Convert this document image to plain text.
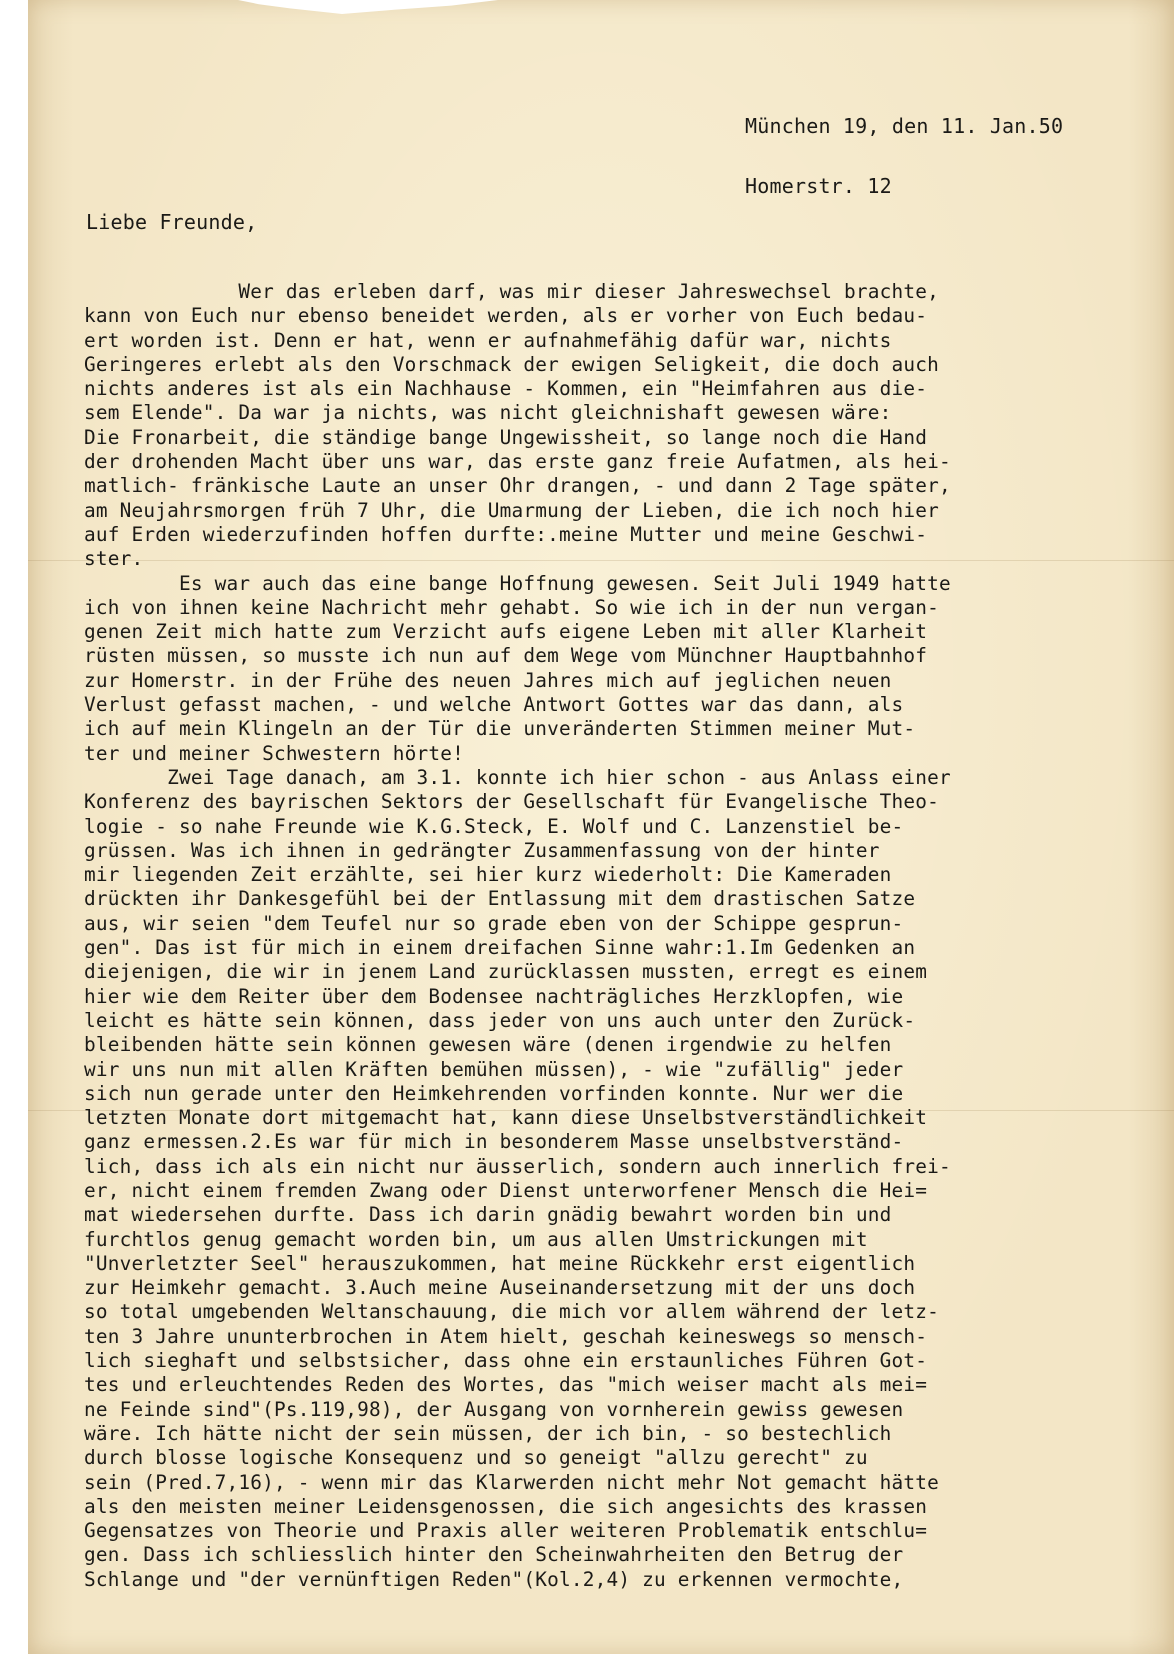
München 19, den 11. Jan.50

Homerstr. 12

Liebe Freunde,
Wer das erleben darf, was mir dieser Jahreswechsel brachte,
kann von Euch nur ebenso beneidet werden, als er vorher von Euch bedau-
ert worden ist. Denn er hat, wenn er aufnahmefähig dafür war, nichts
Geringeres erlebt als den Vorschmack der ewigen Seligkeit, die doch auch
nichts anderes ist als ein Nachhause - Kommen, ein "Heimfahren aus die-
sem Elende". Da war ja nichts, was nicht gleichnishaft gewesen wäre:
Die Fronarbeit, die ständige bange Ungewissheit, so lange noch die Hand
der drohenden Macht über uns war, das erste ganz freie Aufatmen, als hei-
matlich- fränkische Laute an unser Ohr drangen, - und dann 2 Tage später,
am Neujahrsmorgen früh 7 Uhr, die Umarmung der Lieben, die ich noch hier
auf Erden wiederzufinden hoffen durfte:.meine Mutter und meine Geschwi-
ster.
Es war auch das eine bange Hoffnung gewesen. Seit Juli 1949 hatte
ich von ihnen keine Nachricht mehr gehabt. So wie ich in der nun vergan-
genen Zeit mich hatte zum Verzicht aufs eigene Leben mit aller Klarheit
rüsten müssen, so musste ich nun auf dem Wege vom Münchner Hauptbahnhof
zur Homerstr. in der Frühe des neuen Jahres mich auf jeglichen neuen
Verlust gefasst machen, - und welche Antwort Gottes war das dann, als
ich auf mein Klingeln an der Tür die unveränderten Stimmen meiner Mut-
ter und meiner Schwestern hörte!
Zwei Tage danach, am 3.1. konnte ich hier schon - aus Anlass einer
Konferenz des bayrischen Sektors der Gesellschaft für Evangelische Theo-
logie - so nahe Freunde wie K.G.Steck, E. Wolf und C. Lanzenstiel be-
grüssen. Was ich ihnen in gedrängter Zusammenfassung von der hinter
mir liegenden Zeit erzählte, sei hier kurz wiederholt: Die Kameraden
drückten ihr Dankesgefühl bei der Entlassung mit dem drastischen Satze
aus, wir seien "dem Teufel nur so grade eben von der Schippe gesprun-
gen". Das ist für mich in einem dreifachen Sinne wahr:1.Im Gedenken an
diejenigen, die wir in jenem Land zurücklassen mussten, erregt es einem
hier wie dem Reiter über dem Bodensee nachträgliches Herzklopfen, wie
leicht es hätte sein können, dass jeder von uns auch unter den Zurück-
bleibenden hätte sein können gewesen wäre (denen irgendwie zu helfen
wir uns nun mit allen Kräften bemühen müssen), - wie "zufällig" jeder
sich nun gerade unter den Heimkehrenden vorfinden konnte. Nur wer die
letzten Monate dort mitgemacht hat, kann diese Unselbstverständlichkeit
ganz ermessen.2.Es war für mich in besonderem Masse unselbstverständ-
lich, dass ich als ein nicht nur äusserlich, sondern auch innerlich frei-
er, nicht einem fremden Zwang oder Dienst unterworfener Mensch die Hei=
mat wiedersehen durfte. Dass ich darin gnädig bewahrt worden bin und
furchtlos genug gemacht worden bin, um aus allen Umstrickungen mit
"Unverletzter Seel" herauszukommen, hat meine Rückkehr erst eigentlich
zur Heimkehr gemacht. 3.Auch meine Auseinandersetzung mit der uns doch
so total umgebenden Weltanschauung, die mich vor allem während der letz-
ten 3 Jahre ununterbrochen in Atem hielt, geschah keineswegs so mensch-
lich sieghaft und selbstsicher, dass ohne ein erstaunliches Führen Got-
tes und erleuchtendes Reden des Wortes, das "mich weiser macht als mei=
ne Feinde sind"(Ps.119,98), der Ausgang von vornherein gewiss gewesen
wäre. Ich hätte nicht der sein müssen, der ich bin, - so bestechlich
durch blosse logische Konsequenz und so geneigt "allzu gerecht" zu
sein (Pred.7,16), - wenn mir das Klarwerden nicht mehr Not gemacht hätte
als den meisten meiner Leidensgenossen, die sich angesichts des krassen
Gegensatzes von Theorie und Praxis aller weiteren Problematik entschlu=
gen. Dass ich schliesslich hinter den Scheinwahrheiten den Betrug der
Schlange und "der vernünftigen Reden"(Kol.2,4) zu erkennen vermochte,
